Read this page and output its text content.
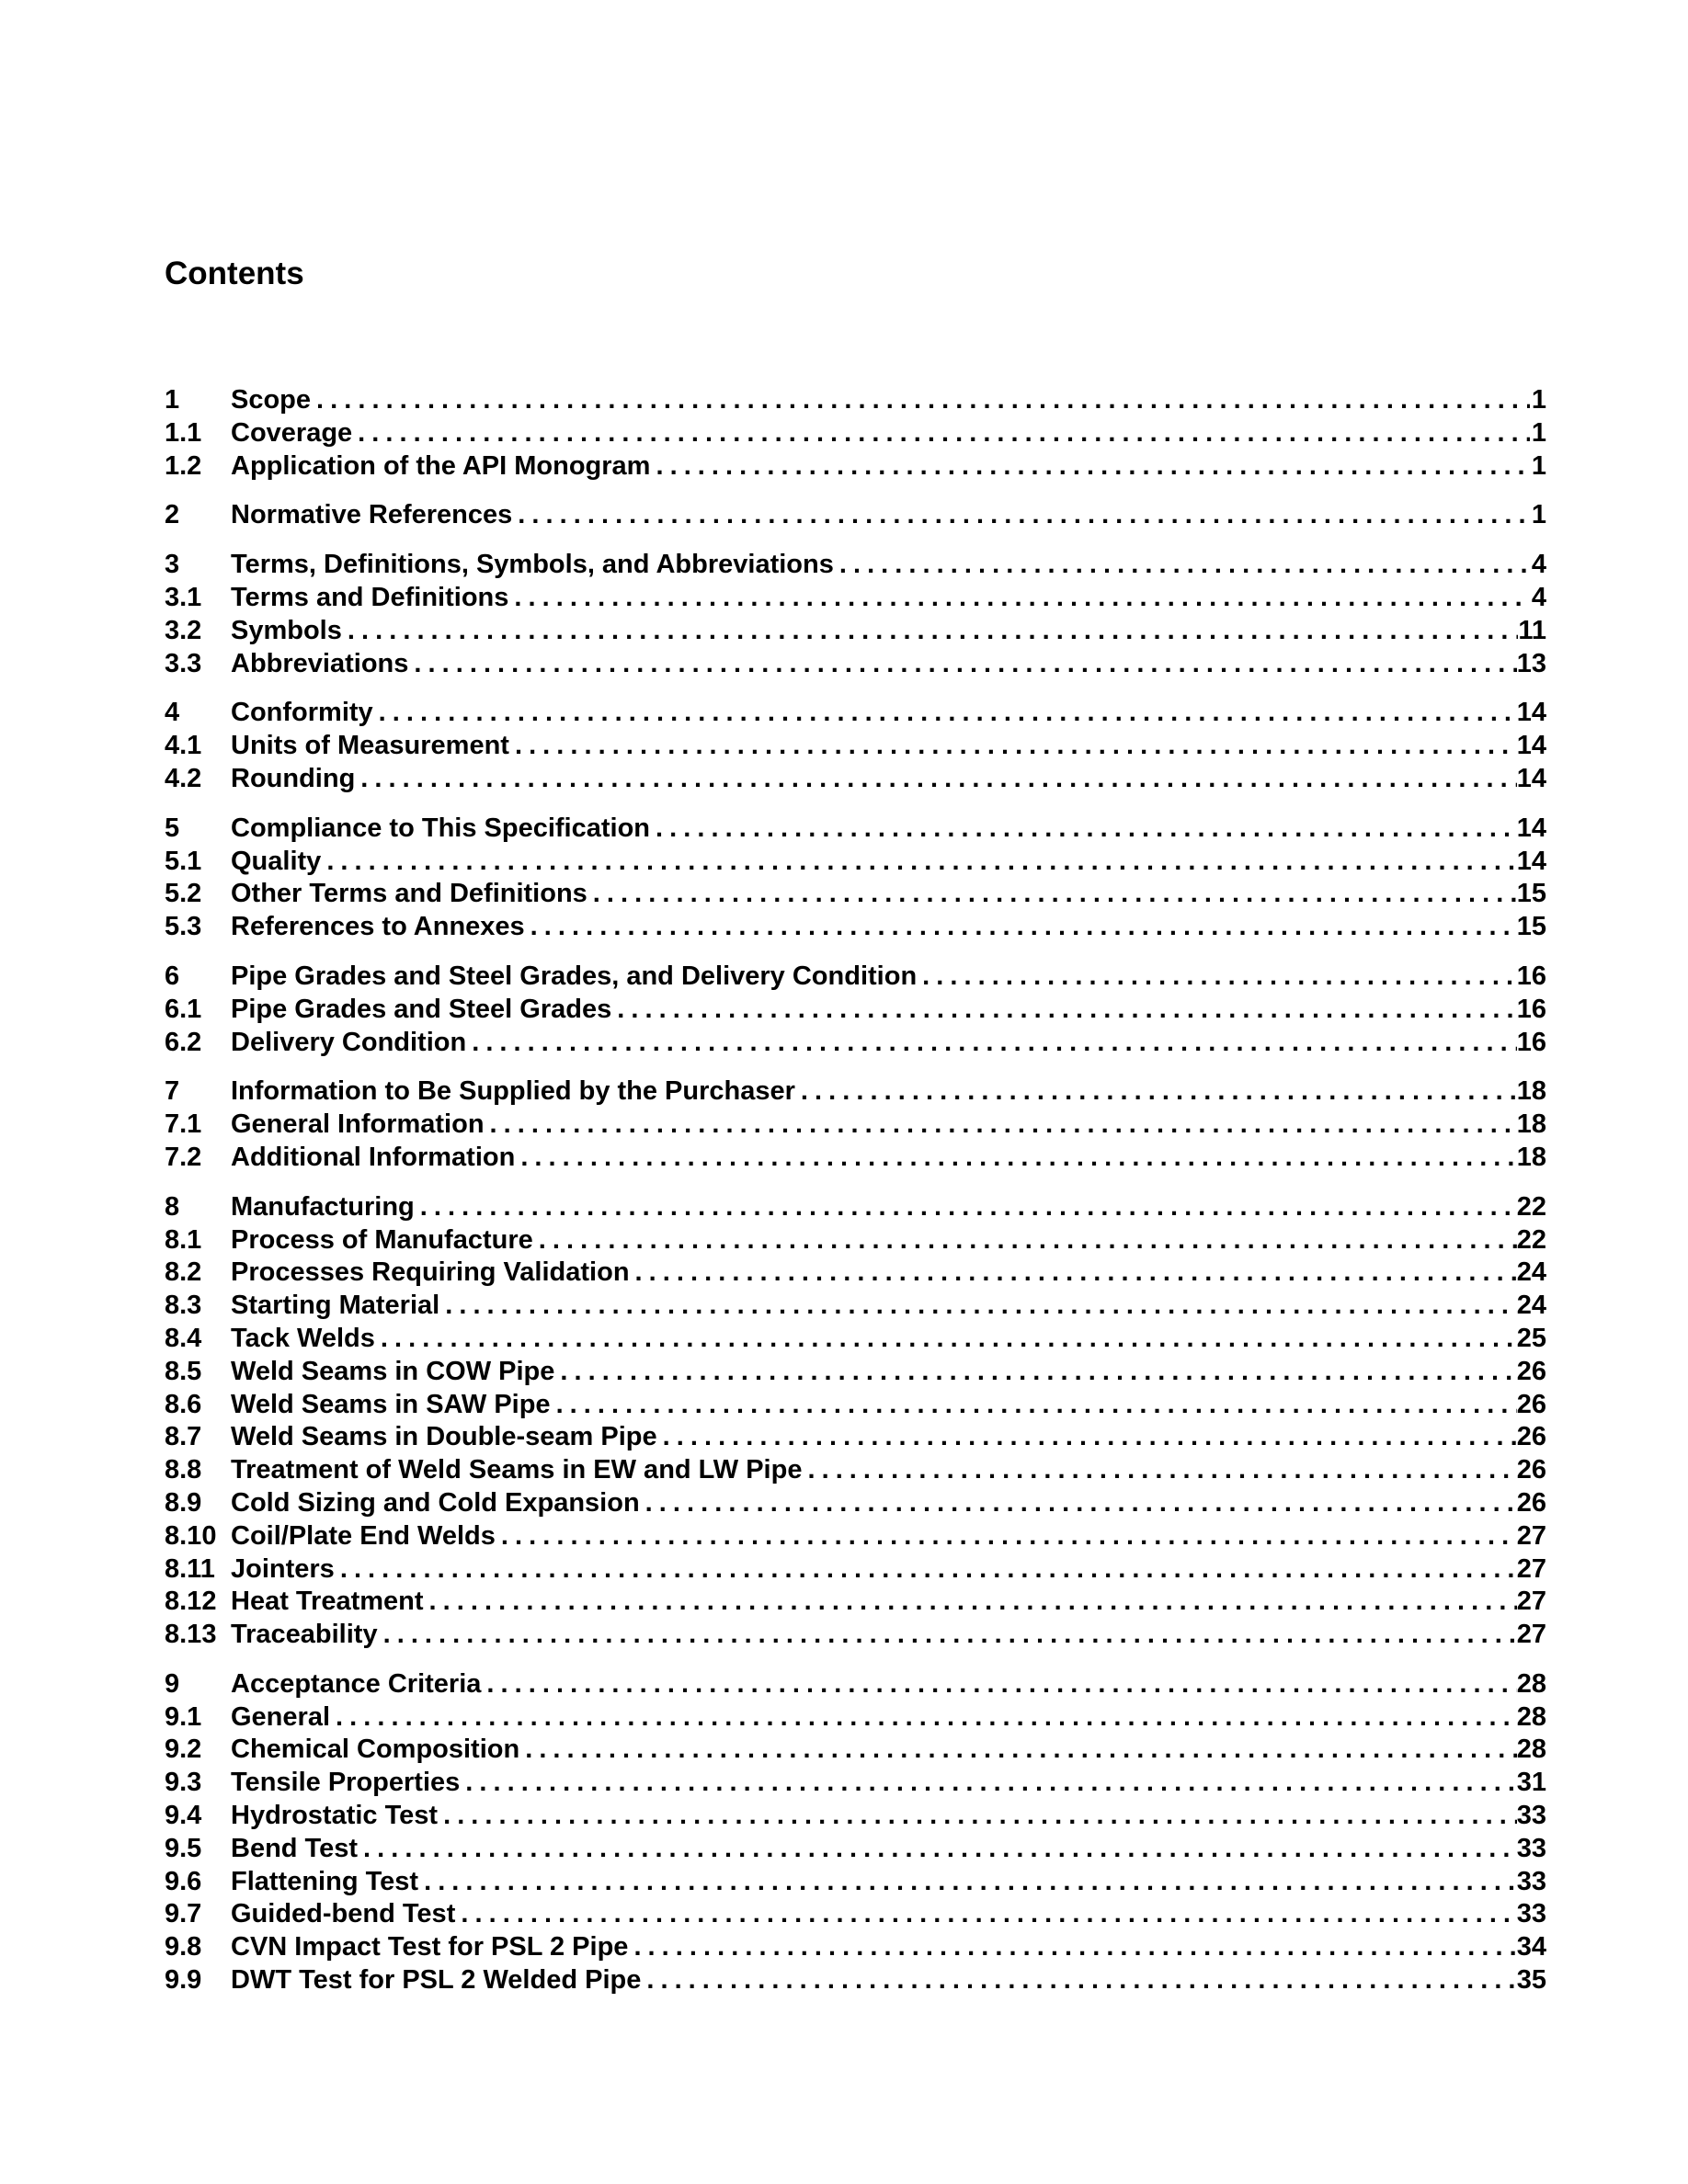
Contents
1	Scope . . .	1
1.1	Coverage . . .	1
1.2	Application of the API Monogram . . .	1
2	Normative References . . .	1
3	Terms, Definitions, Symbols, and Abbreviations . . .	4
3.1	Terms and Definitions . . .	4
3.2	Symbols . . .	11
3.3	Abbreviations . . .	13
4	Conformity . . .	14
4.1	Units of Measurement . . .	14
4.2	Rounding . . .	14
5	Compliance to This Specification . . .	14
5.1	Quality . . .	14
5.2	Other Terms and Definitions . . .	15
5.3	References to Annexes . . .	15
6	Pipe Grades and Steel Grades, and Delivery Condition . . .	16
6.1	Pipe Grades and Steel Grades . . .	16
6.2	Delivery Condition . . .	16
7	Information to Be Supplied by the Purchaser . . .	18
7.1	General Information . . .	18
7.2	Additional Information . . .	18
8	Manufacturing . . .	22
8.1	Process of Manufacture . . .	22
8.2	Processes Requiring Validation . . .	24
8.3	Starting Material . . .	24
8.4	Tack Welds . . .	25
8.5	Weld Seams in COW Pipe . . .	26
8.6	Weld Seams in SAW Pipe . . .	26
8.7	Weld Seams in Double-seam Pipe . . .	26
8.8	Treatment of Weld Seams in EW and LW Pipe . . .	26
8.9	Cold Sizing and Cold Expansion . . .	26
8.10 Coil/Plate End Welds . . .	27
8.11 Jointers . . .	27
8.12 Heat Treatment . . .	27
8.13 Traceability . . .	27
9	Acceptance Criteria . . .	28
9.1	General . . .	28
9.2	Chemical Composition . . .	28
9.3	Tensile Properties . . .	31
9.4	Hydrostatic Test . . .	33
9.5	Bend Test . . .	33
9.6	Flattening Test . . .	33
9.7	Guided-bend Test . . .	33
9.8	CVN Impact Test for PSL 2 Pipe . . .	34
9.9	DWT Test for PSL 2 Welded Pipe . . .	35
